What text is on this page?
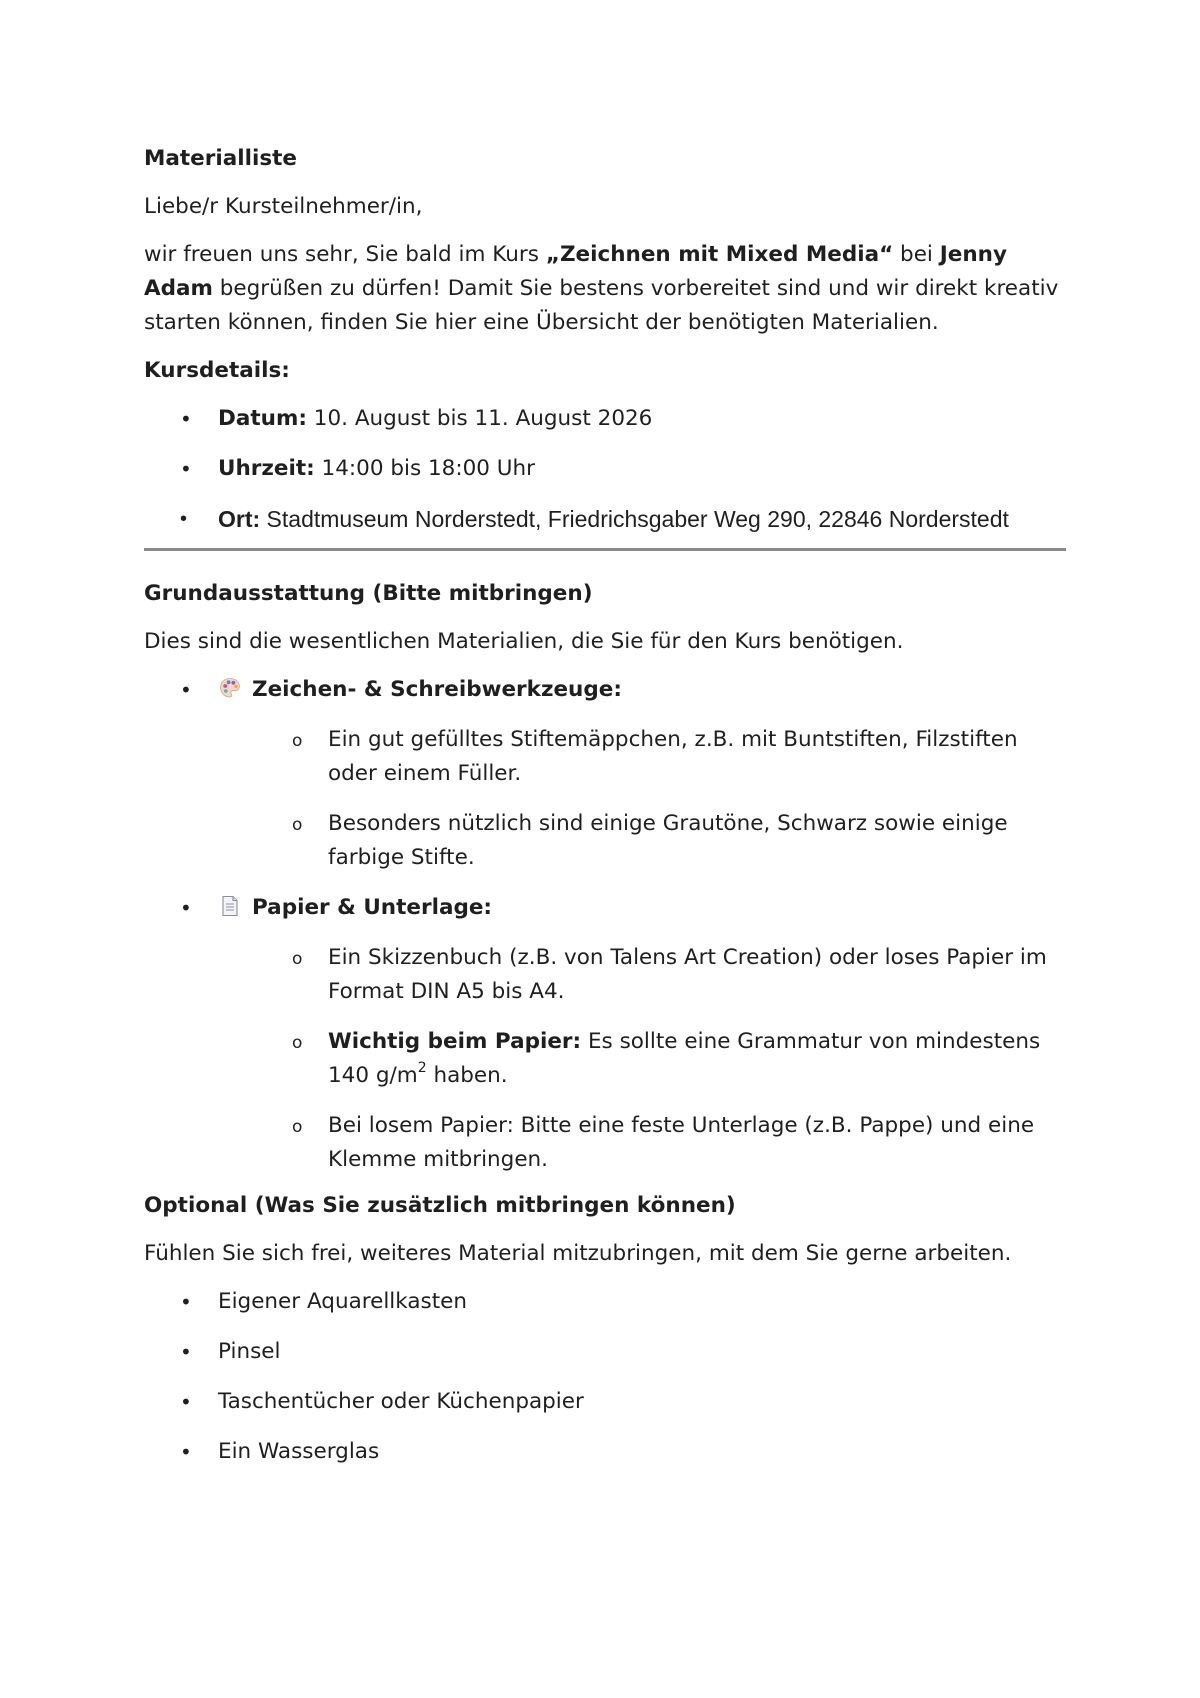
Materialliste

Liebe/r Kursteilnehmer/in,

wir freuen uns sehr, Sie bald im Kurs „Zeichnen mit Mixed Media“ bei Jenny Adam begrüßen zu dürfen! Damit Sie bestens vorbereitet sind und wir direkt kreativ starten können, finden Sie hier eine Übersicht der benötigten Materialien.

Kursdetails:

• Datum: 10. August bis 11. August 2026
• Uhrzeit: 14:00 bis 18:00 Uhr
• Ort: Stadtmuseum Norderstedt, Friedrichsgaber Weg 290, 22846 Norderstedt

Grundausstattung (Bitte mitbringen)

Dies sind die wesentlichen Materialien, die Sie für den Kurs benötigen.

• Zeichen- & Schreibwerkzeuge:
o Ein gut gefülltes Stiftemäppchen, z.B. mit Buntstiften, Filzstiften oder einem Füller.
o Besonders nützlich sind einige Grautöne, Schwarz sowie einige farbige Stifte.
• Papier & Unterlage:
o Ein Skizzenbuch (z.B. von Talens Art Creation) oder loses Papier im Format DIN A5 bis A4.
o Wichtig beim Papier: Es sollte eine Grammatur von mindestens 140 $g/m^2$ haben.
o Bei losem Papier: Bitte eine feste Unterlage (z.B. Pappe) und eine Klemme mitbringen.

Optional (Was Sie zusätzlich mitbringen können)

Fühlen Sie sich frei, weiteres Material mitzubringen, mit dem Sie gerne arbeiten.

• Eigener Aquarellkasten
• Pinsel
• Taschentücher oder Küchenpapier
• Ein Wasserglas
